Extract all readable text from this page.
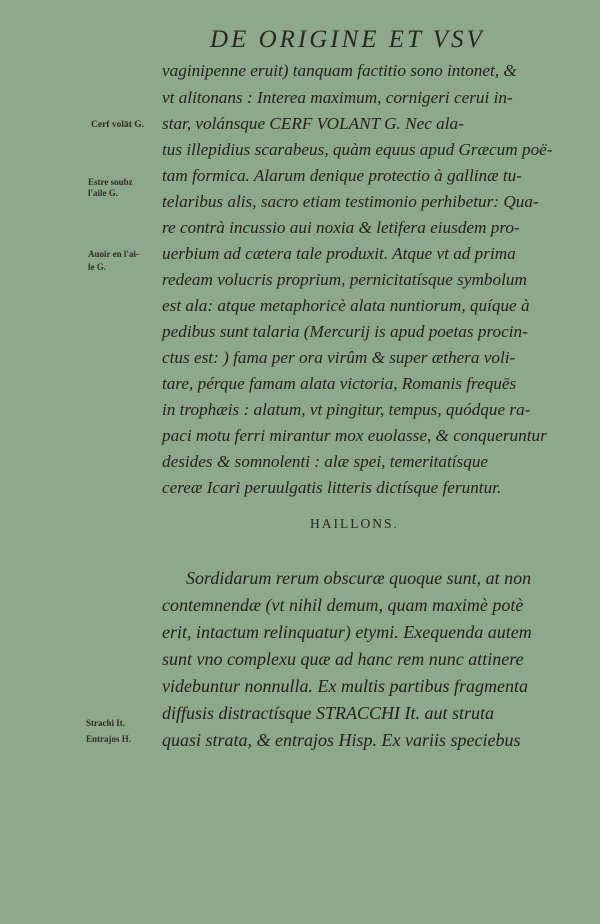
DE ORIGINE ET VSV
Cerf volāt G.
Estre soubz
l'aile G.
Auoir en l'ai-
le G.
Strachi It.
Entrajos H.
vaginipenne eruit) tanquam factitio sono intonet, &
vt alitonans : Interea maximum, cornigeri cerui in-
star, volánsque CERF VOLANT G. Nec ala-
tus illepidius scarabeus, quàm equus apud Græcum poë-
tam formica. Alarum denique protectio à gallinæ tu-
telaribus alis, sacro etiam testimonio perhibetur: Qua-
re contrà incussio aui noxia & letifera eiusdem pro-
uerbium ad cætera tale produxit. Atque vt ad prima
redeam volucris proprium, pernicitatísque symbolum
est ala: atque metaphoricè alata nuntiorum, quíque à
pedibus sunt talaria (Mercurij is apud poetas procin-
ctus est: ) fama per ora virûm & super æthera voli-
tare, pérque famam alata victoria, Romanis frequēs
in trophæis : alatum, vt pingitur, tempus, quódque ra-
paci motu ferri mirantur mox euolasse, & conqueruntur
desides & somnolenti : alæ spei, temeritatísque
cereæ Icari peruulgatis litteris dictísque feruntur.
HAILLONS.
Sordidarum rerum obscuræ quoque sunt, at non
contemnendæ (vt nihil demum, quam maximè potè
erit, intactum relinquatur) etymi. Exequenda autem
sunt vno complexu quæ ad hanc rem nunc attinere
videbuntur nonnulla. Ex multis partibus fragmenta
diffusis distractísque STRACCHI It. aut struta
quasi strata, & entrajos Hisp. Ex variis speciebus
